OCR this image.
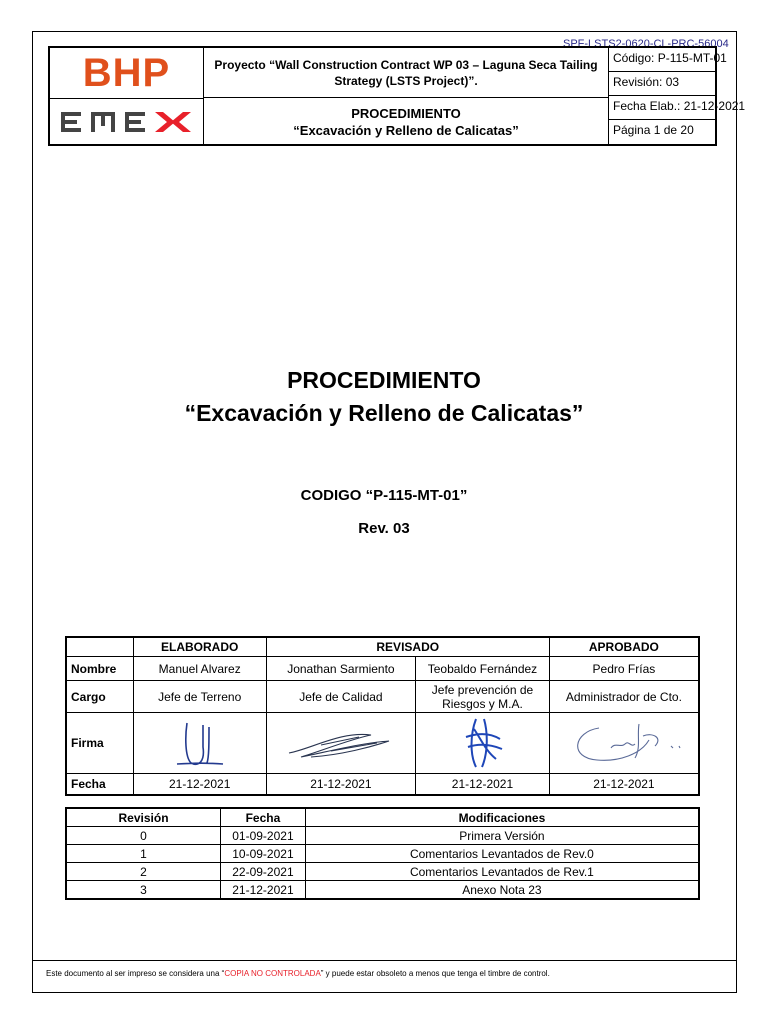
SPF-LSTS2-0620-CL-PRC-56004
BHP	Proyecto “Wall Construction Contract WP 03 – Laguna Seca Tailing Strategy (LSTS Project)”.
PROCEDIMIENTO
“Excavación y Relleno de Calicatas”
Código: P-115-MT-01
Revisión: 03
Fecha Elab.: 21-12-2021
Página 1 de 20
PROCEDIMIENTO
“Excavación y Relleno de Calicatas”
CODIGO “P-115-MT-01”
Rev. 03
	ELABORADO	REVISADO		APROBADO
Nombre	Manuel Alvarez	Jonathan Sarmiento	Teobaldo Fernández	Pedro Frías
Cargo	Jefe de Terreno	Jefe de Calidad	Jefe prevención de Riesgos y M.A.	Administrador de Cto.
Firma	

Fecha	21-12-2021	21-12-2021	21-12-2021	21-12-2021
Revisión	Fecha	Modificaciones
0	01-09-2021	Primera Versión
1	10-09-2021	Comentarios Levantados de Rev.0
2	22-09-2021	Comentarios Levantados de Rev.1
3	21-12-2021	Anexo Nota 23
Este documento al ser impreso se considera una “COPIA NO CONTROLADA” y puede estar obsoleto a menos que tenga el timbre de control.
